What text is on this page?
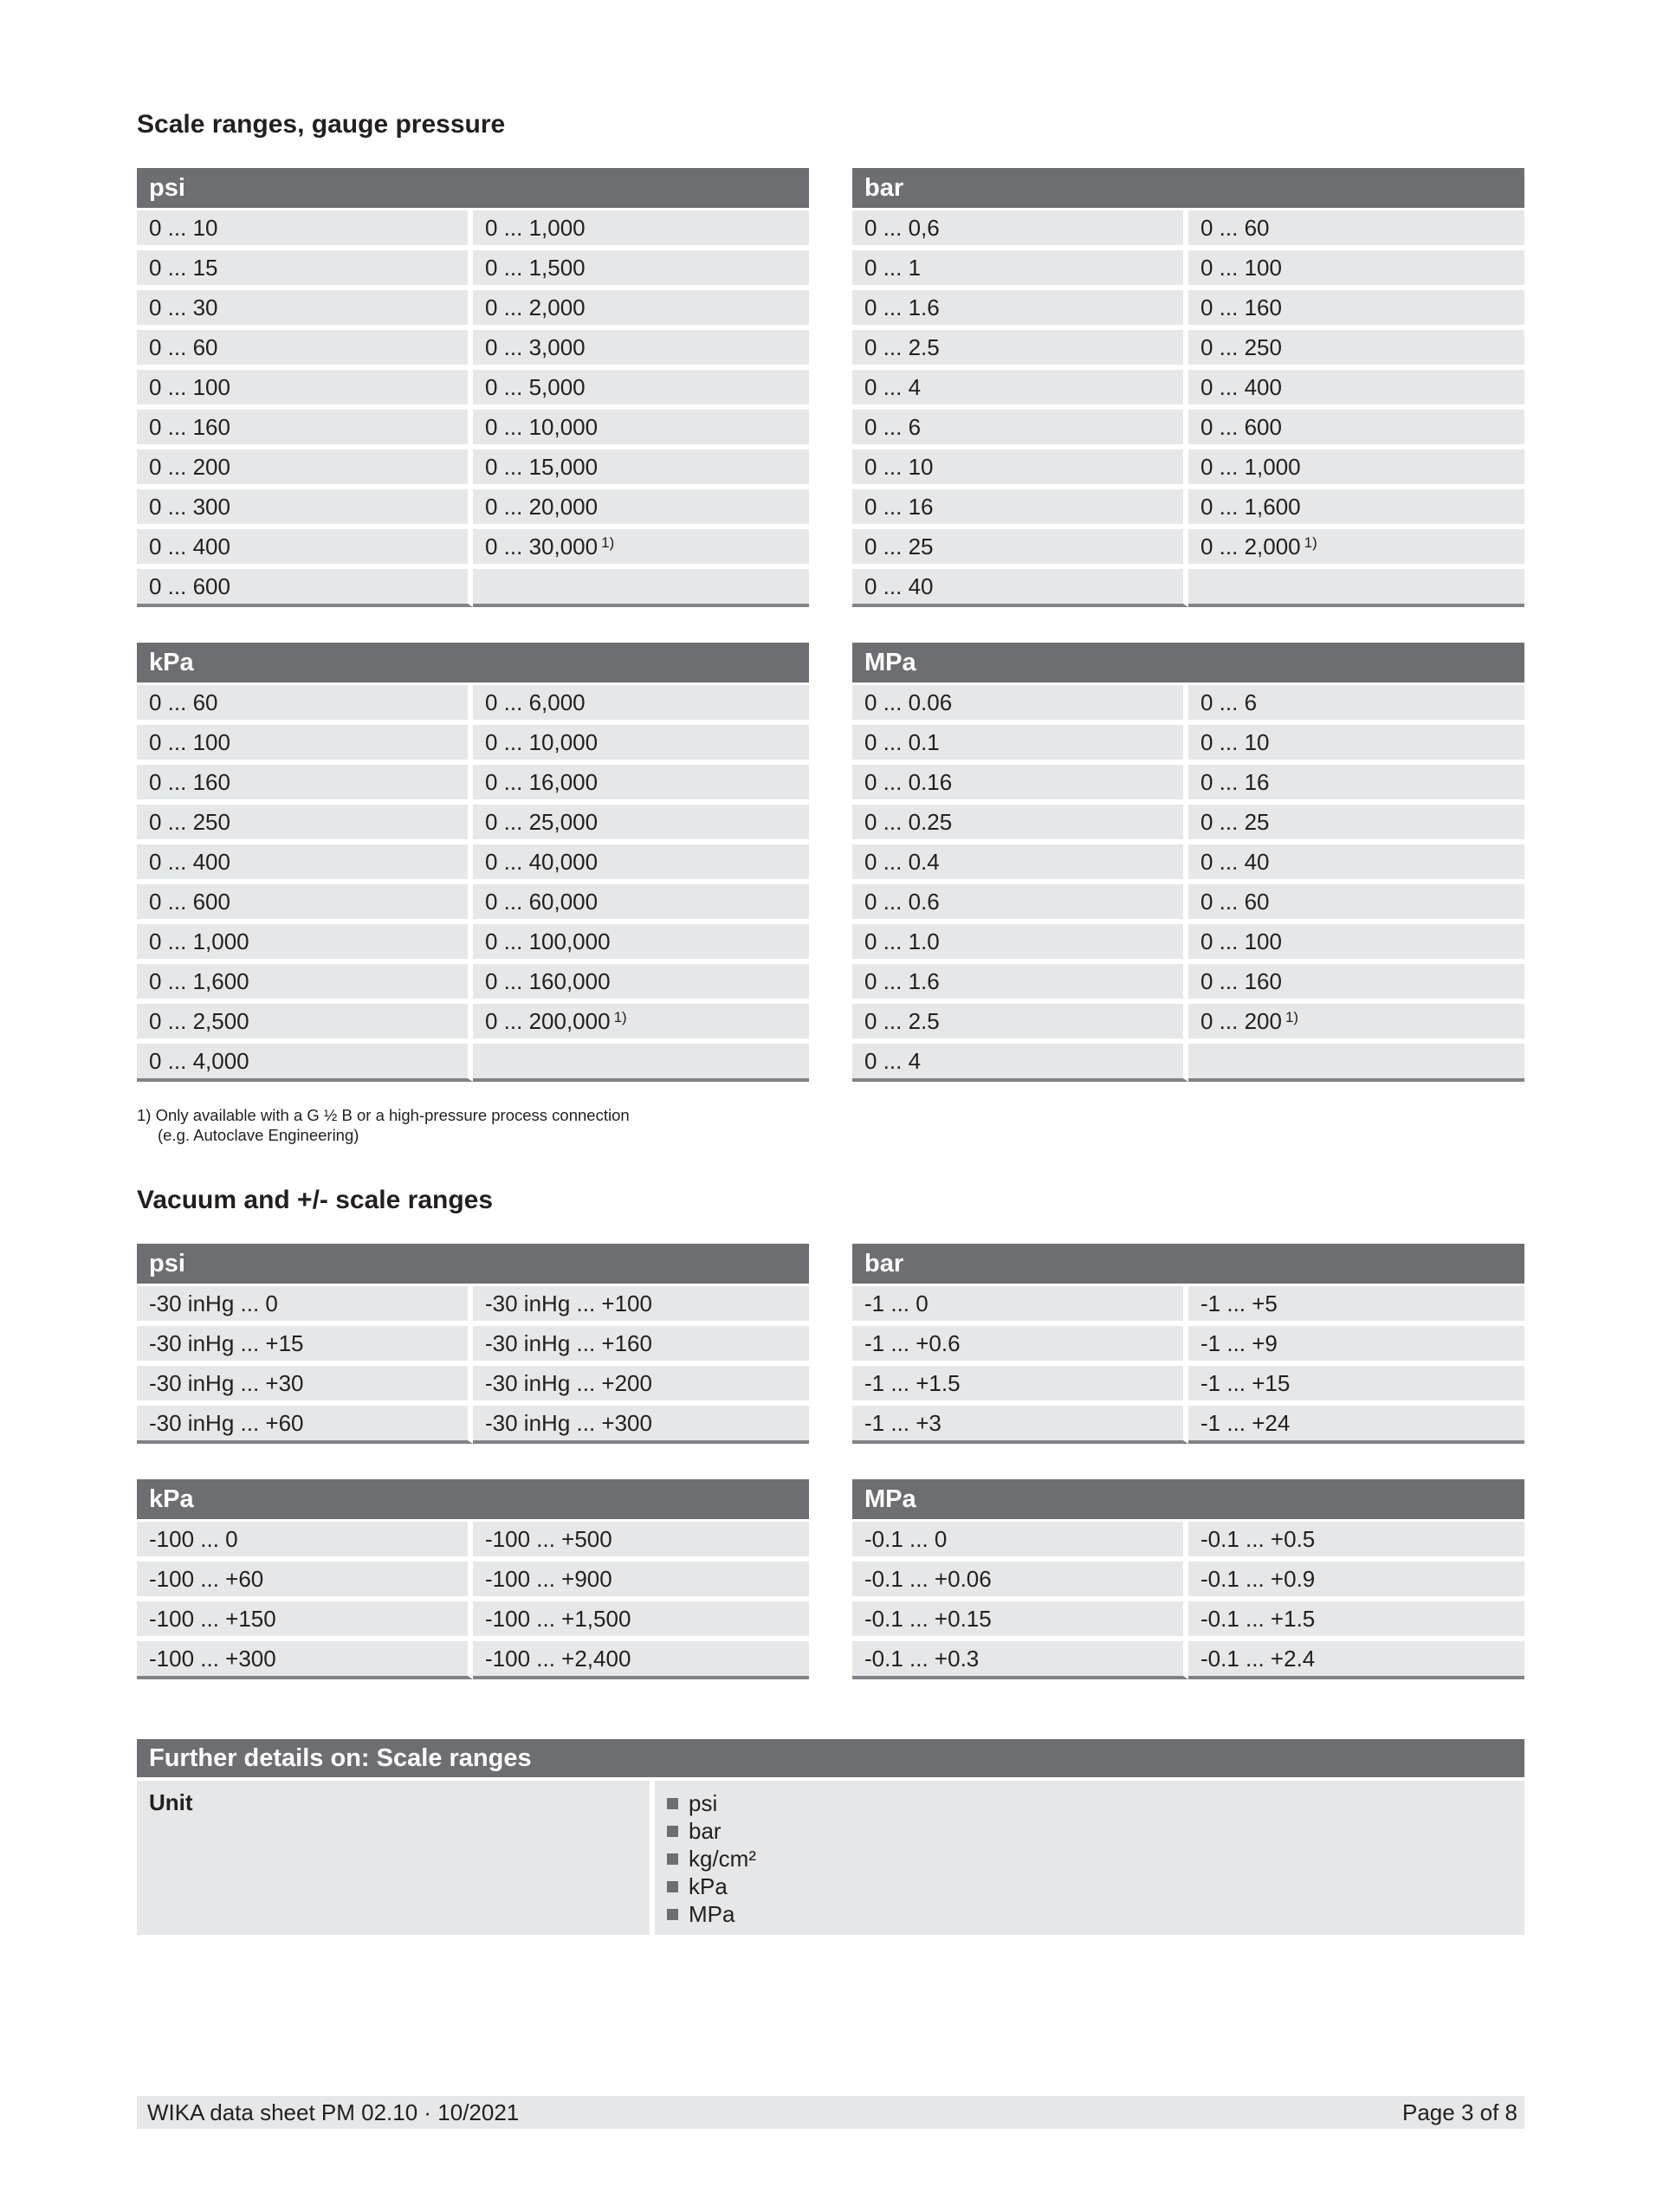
Scale ranges, gauge pressure
psi	
0 ... 10	0 ... 1,000
0 ... 15	0 ... 1,500
0 ... 30	0 ... 2,000
0 ... 60	0 ... 3,000
0 ... 100	0 ... 5,000
0 ... 160	0 ... 10,000
0 ... 200	0 ... 15,000
0 ... 300	0 ... 20,000
0 ... 400	0 ... 30,000 $^{1)}$
0 ... 600	
bar	
0 ... 0,6	0 ... 60
0 ... 1	0 ... 100
0 ... 1.6	0 ... 160
0 ... 2.5	0 ... 250
0 ... 4	0 ... 400
0 ... 6	0 ... 600
0 ... 10	0 ... 1,000
0 ... 16	0 ... 1,600
0 ... 25	0 ... 2,000 $^{1)}$
0 ... 40	
kPa	
0 ... 60	0 ... 6,000
0 ... 100	0 ... 10,000
0 ... 160	0 ... 16,000
0 ... 250	0 ... 25,000
0 ... 400	0 ... 40,000
0 ... 600	0 ... 60,000
0 ... 1,000	0 ... 100,000
0 ... 1,600	0 ... 160,000
0 ... 2,500	0 ... 200,000 $^{1)}$
0 ... 4,000	
MPa	
0 ... 0.06	0 ... 6
0 ... 0.1	0 ... 10
0 ... 0.16	0 ... 16
0 ... 0.25	0 ... 25
0 ... 0.4	0 ... 40
0 ... 0.6	0 ... 60
0 ... 1.0	0 ... 100
0 ... 1.6	0 ... 160
0 ... 2.5	0 ... 200 $^{1)}$
0 ... 4	
1) Only available with a G ½ B or a high-pressure process connection
(e.g. Autoclave Engineering)
Vacuum and +/- scale ranges
psi	
-30 inHg ... 0	-30 inHg ... +100
-30 inHg ... +15	-30 inHg ... +160
-30 inHg ... +30	-30 inHg ... +200
-30 inHg ... +60	-30 inHg ... +300
bar	
-1 ... 0	-1 ... +5
-1 ... +0.6	-1 ... +9
-1 ... +1.5	-1 ... +15
-1 ... +3	-1 ... +24
kPa	
-100 ... 0	-100 ... +500
-100 ... +60	-100 ... +900
-100 ... +150	-100 ... +1,500
-100 ... +300	-100 ... +2,400
MPa	
-0.1 ... 0	-0.1 ... +0.5
-0.1 ... +0.06	-0.1 ... +0.9
-0.1 ... +0.15	-0.1 ... +1.5
-0.1 ... +0.3	-0.1 ... +2.4
Further details on: Scale ranges
Unit	psi
bar
kg/cm²
kPa
MPa
WIKA data sheet PM 02.10 · 10/2021	Page 3 of 8
